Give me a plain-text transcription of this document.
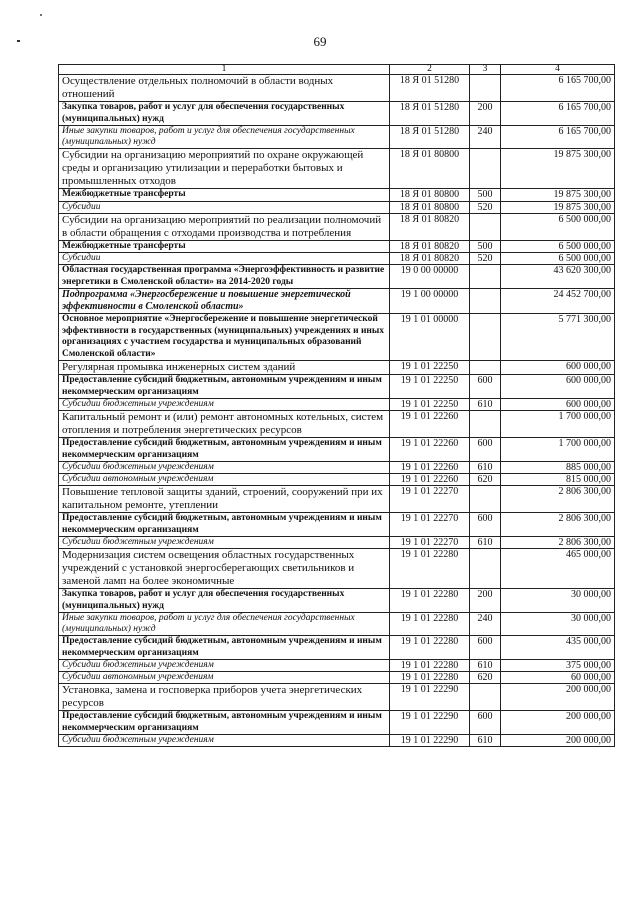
69
1	2	3	4
Осуществление отдельных полномочий в области водных отношений	18 Я 01 51280		6 165 700,00
Закупка товаров, работ и услуг для обеспечения государственных (муниципальных) нужд	18 Я 01 51280	200	6 165 700,00
Иные закупки товаров, работ и услуг для обеспечения государственных (муниципальных) нужд	18 Я 01 51280	240	6 165 700,00
Субсидии на организацию мероприятий по охране окружающей среды и организацию утилизации и переработки бытовых и промышленных отходов	18 Я 01 80800		19 875 300,00
Межбюджетные трансферты	18 Я 01 80800	500	19 875 300,00
Субсидии	18 Я 01 80800	520	19 875 300,00
Субсидии на организацию мероприятий по реализации полномочий в области обращения с отходами производства и потребления	18 Я 01 80820		6 500 000,00
Межбюджетные трансферты	18 Я 01 80820	500	6 500 000,00
Субсидии	18 Я 01 80820	520	6 500 000,00
Областная государственная программа «Энергоэффективность и развитие энергетики в Смоленской области» на 2014-2020 годы	19 0 00 00000		43 620 300,00
Подпрограмма «Энергосбережение и повышение энергетической эффективности в Смоленской области»	19 1 00 00000		24 452 700,00
Основное мероприятие «Энергосбережение и повышение энергетической эффективности в государственных (муниципальных) учреждениях и иных организациях с участием государства и муниципальных образований Смоленской области»	19 1 01 00000		5 771 300,00
Регулярная промывка инженерных систем зданий	19 1 01 22250		600 000,00
Предоставление субсидий бюджетным, автономным учреждениям и иным некоммерческим организациям	19 1 01 22250	600	600 000,00
Субсидии бюджетным учреждениям	19 1 01 22250	610	600 000,00
Капитальный ремонт и (или) ремонт автономных котельных, систем отопления и потребления энергетических ресурсов	19 1 01 22260		1 700 000,00
Предоставление субсидий бюджетным, автономным учреждениям и иным некоммерческим организациям	19 1 01 22260	600	1 700 000,00
Субсидии бюджетным учреждениям	19 1 01 22260	610	885 000,00
Субсидии автономным учреждениям	19 1 01 22260	620	815 000,00
Повышение тепловой защиты зданий, строений, сооружений при их капитальном ремонте, утеплении	19 1 01 22270		2 806 300,00
Предоставление субсидий бюджетным, автономным учреждениям и иным некоммерческим организациям	19 1 01 22270	600	2 806 300,00
Субсидии бюджетным учреждениям	19 1 01 22270	610	2 806 300,00
Модернизация систем освещения областных государственных учреждений с установкой энергосберегающих светильников и заменой ламп на более экономичные	19 1 01 22280		465 000,00
Закупка товаров, работ и услуг для обеспечения государственных (муниципальных) нужд	19 1 01 22280	200	30 000,00
Иные закупки товаров, работ и услуг для обеспечения государственных (муниципальных) нужд	19 1 01 22280	240	30 000,00
Предоставление субсидий бюджетным, автономным учреждениям и иным некоммерческим организациям	19 1 01 22280	600	435 000,00
Субсидии бюджетным учреждениям	19 1 01 22280	610	375 000,00
Субсидии автономным учреждениям	19 1 01 22280	620	60 000,00
Установка, замена и госповерка приборов учета энергетических ресурсов	19 1 01 22290		200 000,00
Предоставление субсидий бюджетным, автономным учреждениям и иным некоммерческим организациям	19 1 01 22290	600	200 000,00
Субсидии бюджетным учреждениям	19 1 01 22290	610	200 000,00
